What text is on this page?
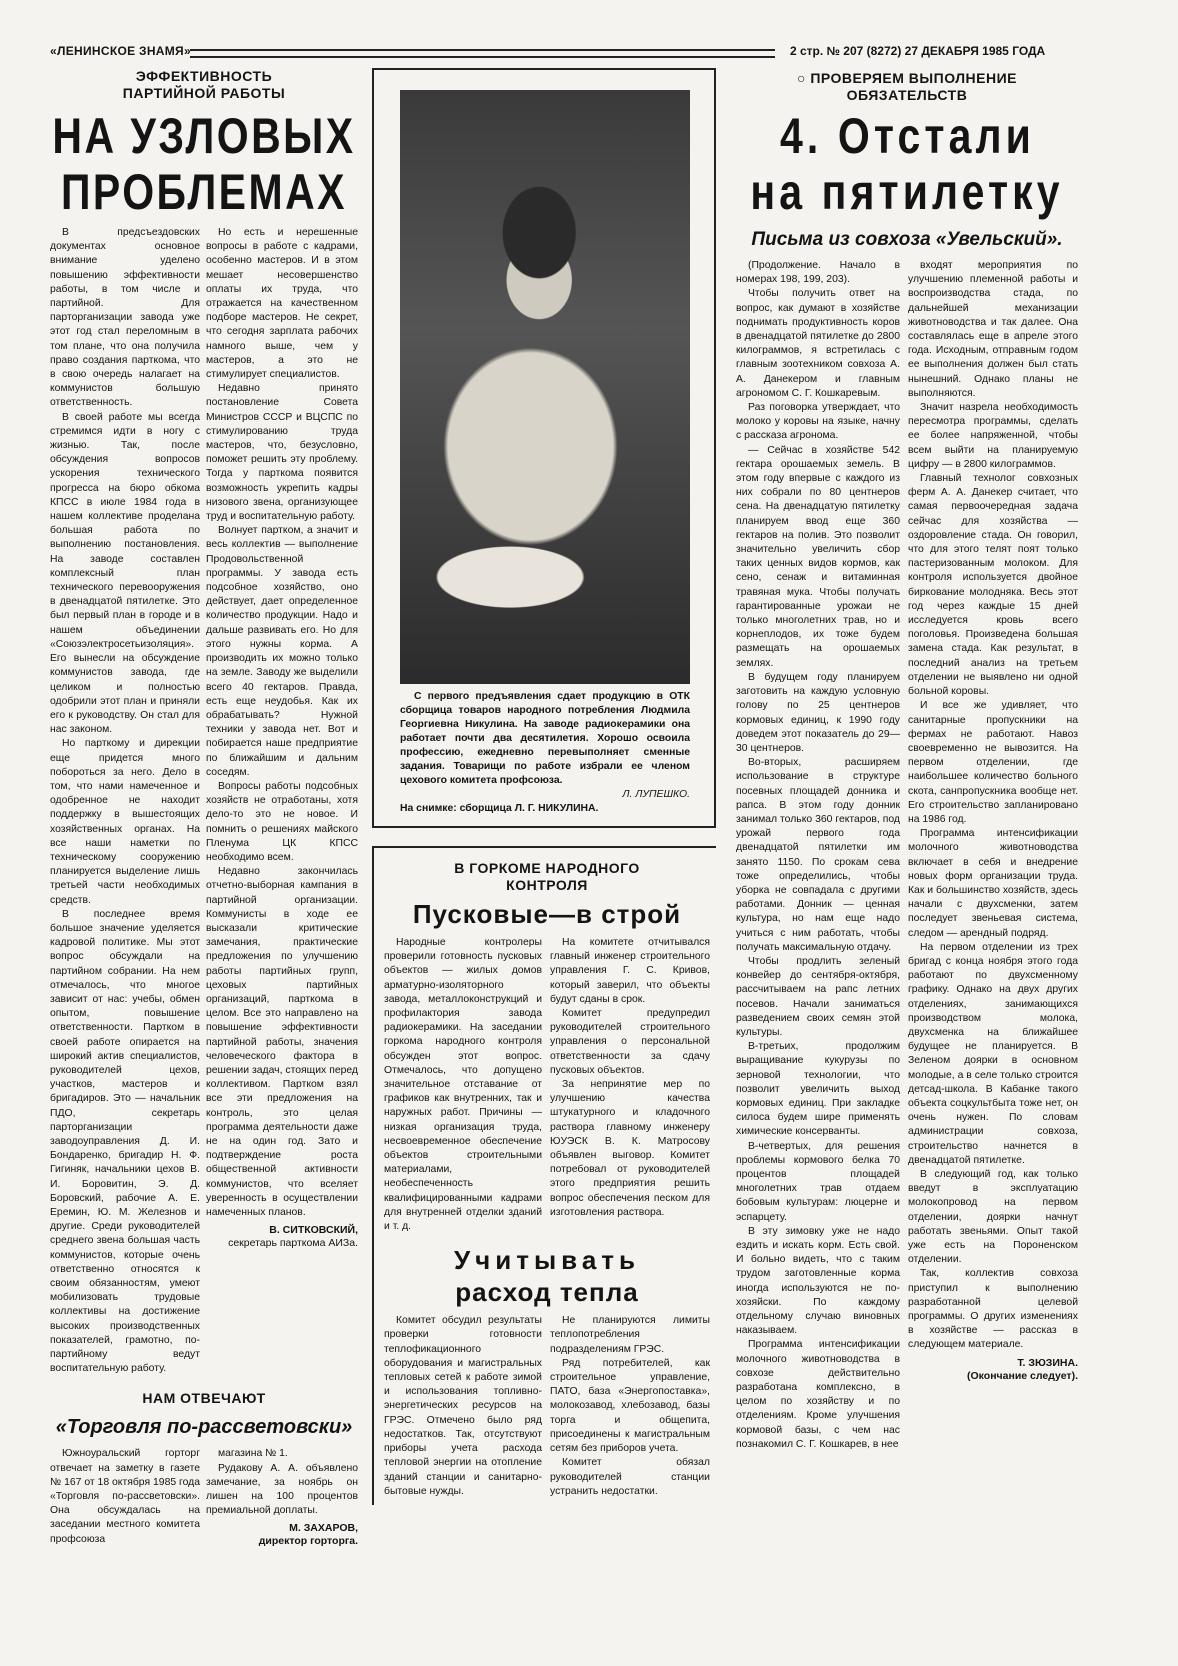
«ЛЕНИНСКОЕ ЗНАМЯ»	2 стр. № 207 (8272) 27 ДЕКАБРЯ 1985 ГОДА
ЭФФЕКТИВНОСТЬ ПАРТИЙНОЙ РАБОТЫ
НА УЗЛОВЫХ ПРОБЛЕМАХ

В предсъездовских документах основное внимание уделено повышению эффективности работы, в том числе и партийной. Для парторганизации завода уже этот год стал переломным в том плане, что она получила право создания парткома, что в свою очередь налагает на коммунистов большую ответственность.

В своей работе мы всегда стремимся идти в ногу с жизнью. Так, после обсуждения вопросов ускорения технического прогресса на бюро обкома КПСС в июле 1984 года в нашем коллективе проделана большая работа по выполнению постановления. На заводе составлен комплексный план технического перевооружения в двенадцатой пятилетке. Это был первый план в городе и в нашем объединении «Союзэлектросетьизоляция». Его вынесли на обсуждение коммунистов завода, где целиком и полностью одобрили этот план и приняли его к руководству. Он стал для нас законом.

Но парткому и дирекции еще придется много побороться за него. Дело в том, что нами намеченное и одобренное не находит поддержку в вышестоящих хозяйственных органах. На все наши наметки по техническому сооружению планируется выделение лишь третьей части необходимых средств.

В последнее время большое значение уделяется кадровой политике. Мы этот вопрос обсуждали на партийном собрании. На нем отмечалось, что многое зависит от нас: учебы, обмен опытом, повышение ответственности. Партком в своей работе опирается на широкий актив специалистов, руководителей цехов, участков, мастеров и бригадиров. Это — начальник ПДО, секретарь парторганизации заводоуправления Д. И. Бондаренко, бригадир Н. Ф. Гигиняк, начальники цехов В. И. Боровитин, Э. Д. Боровский, рабочие А. Е. Еремин, Ю. М. Железнов и другие. Среди руководителей среднего звена большая часть коммунистов, которые очень ответственно относятся к своим обязанностям, умеют мобилизовать трудовые коллективы на достижение высоких производственных показателей, грамотно, по-партийному ведут воспитательную работу.

Но есть и нерешенные вопросы в работе с кадрами, особенно мастеров. И в этом мешает несовершенство оплаты их труда, что отражается на качественном подборе мастеров. Не секрет, что сегодня зарплата рабочих намного выше, чем у мастеров, а это не стимулирует специалистов.

Недавно принято постановление Совета Министров СССР и ВЦСПС по стимулированию труда мастеров, что, безусловно, поможет решить эту проблему. Тогда у парткома появится возможность укрепить кадры низового звена, организующее труд и воспитательную работу.

Волнует партком, а значит и весь коллектив — выполнение Продовольственной программы. У завода есть подсобное хозяйство, оно действует, дает определенное количество продукции. Надо и дальше развивать его. Но для этого нужны корма. А производить их можно только на земле. Заводу же выделили всего 40 гектаров. Правда, есть еще неудобья. Как их обрабатывать? Нужной техники у завода нет. Вот и побирается наше предприятие по ближайшим и дальним соседям.

Вопросы работы подсобных хозяйств не отработаны, хотя дело-то это не новое. И помнить о решениях майского Пленума ЦК КПСС необходимо всем.

Недавно закончилась отчетно-выборная кампания в партийной организации. Коммунисты в ходе ее высказали критические замечания, практические предложения по улучшению работы партийных групп, цеховых партийных организаций, парткома в целом. Все это направлено на повышение эффективности партийной работы, значения человеческого фактора в решении задач, стоящих перед коллективом. Партком взял все эти предложения на контроль, это целая программа деятельности даже не на один год. Зато и подтверждение роста общественной активности коммунистов, что вселяет уверенность в осуществлении намеченных планов.

В. СИТКОВСКИЙ,
секретарь парткома АИЗа.
НАМ ОТВЕЧАЮТ
«Торговля по-рассветовски»

Южноуральский горторг отвечает на заметку в газете № 167 от 18 октября 1985 года «Торговля по-рассветовски». Она обсуждалась на заседании местного комитета профсоюза

магазина № 1.

Рудакову А. А. объявлено замечание, за ноябрь он лишен на 100 процентов премиальной доплаты.

М. ЗАХАРОВ,
директор горторга.

С первого предъявления сдает продукцию в ОТК сборщица товаров народного потребления Людмила Георгиевна Никулина. На заводе радиокерамики она работает почти два десятилетия. Хорошо освоила профессию, ежедневно перевыполняет сменные задания. Товарищи по работе избрали ее членом цехового комитета профсоюза.

Л. ЛУПЕШКО.
На снимке: сборщица Л. Г. НИКУЛИНА.
В ГОРКОМЕ НАРОДНОГО КОНТРОЛЯ
Пусковые—в строй

Народные контролеры проверили готовность пусковых объектов — жилых домов арматурно-изоляторного завода, металлоконструкций и профилактория завода радиокерамики. На заседании горкома народного контроля обсужден этот вопрос. Отмечалось, что допущено значительное отставание от графиков как внутренних, так и наружных работ. Причины — низкая организация труда, несвоевременное обеспечение объектов строительными материалами, необеспеченность квалифицированными кадрами для внутренней отделки зданий и т. д.

На комитете отчитывался главный инженер строительного управления Г. С. Кривов, который заверил, что объекты будут сданы в срок.

Комитет предупредил руководителей строительного управления о персональной ответственности за сдачу пусковых объектов.

За непринятие мер по улучшению качества штукатурного и кладочного раствора главному инженеру ЮУЭСК В. К. Матросову объявлен выговор. Комитет потребовал от руководителей этого предприятия решить вопрос обеспечения песком для изготовления раствора.

Учитывать
расход тепла

Комитет обсудил результаты проверки готовности теплофикационного оборудования и магистральных тепловых сетей к работе зимой и использования топливно-энергетических ресурсов на ГРЭС. Отмечено было ряд недостатков. Так, отсутствуют приборы учета расхода тепловой энергии на отопление зданий станции и санитарно-бытовые нужды.

Не планируются лимиты теплопотребления подразделениям ГРЭС.

Ряд потребителей, как строительное управление, ПАТО, база «Энергопоставка», молокозавод, хлебозавод, базы торга и общепита, присоединены к магистральным сетям без приборов учета.

Комитет обязал руководителей станции устранить недостатки.

○ ПРОВЕРЯЕМ ВЫПОЛНЕНИЕ ОБЯЗАТЕЛЬСТВ
4. Отстали
на пятилетку
Письма из совхоза «Увельский».

(Продолжение. Начало в номерах 198, 199, 203).

Чтобы получить ответ на вопрос, как думают в хозяйстве поднимать продуктивность коров в двенадцатой пятилетке до 2800 килограммов, я встретилась с главным зоотехником совхоза А. А. Данекером и главным агрономом С. Г. Кошкаревым.

Раз поговорка утверждает, что молоко у коровы на языке, начну с рассказа агронома.

— Сейчас в хозяйстве 542 гектара орошаемых земель. В этом году впервые с каждого из них собрали по 80 центнеров сена. На двенадцатую пятилетку планируем ввод еще 360 гектаров на полив. Это позволит значительно увеличить сбор таких ценных видов кормов, как сено, сенаж и витаминная травяная мука. Чтобы получать гарантированные урожаи не только многолетних трав, но и корнеплодов, их тоже будем размещать на орошаемых землях.

В будущем году планируем заготовить на каждую условную голову по 25 центнеров кормовых единиц, к 1990 году доведем этот показатель до 29—30 центнеров.

Во-вторых, расширяем использование в структуре посевных площадей донника и рапса. В этом году донник занимал только 360 гектаров, под урожай первого года двенадцатой пятилетки им занято 1150. По срокам сева тоже определились, чтобы уборка не совпадала с другими работами. Донник — ценная культура, но нам еще надо учиться с ним работать, чтобы получать максимальную отдачу.

Чтобы продлить зеленый конвейер до сентября-октября, рассчитываем на рапс летних посевов. Начали заниматься разведением своих семян этой культуры.

В-третьих, продолжим выращивание кукурузы по зерновой технологии, что позволит увеличить выход кормовых единиц. При закладке силоса будем шире применять химические консерванты.

В-четвертых, для решения проблемы кормового белка 70 процентов площадей многолетних трав отдаем бобовым культурам: люцерне и эспарцету.

В эту зимовку уже не надо ездить и искать корм. Есть свой. И больно видеть, что с таким трудом заготовленные корма иногда используются не по-хозяйски. По каждому отдельному случаю виновных наказываем.

Программа интенсификации молочного животноводства в совхозе действительно разработана комплексно, в целом по хозяйству и по отделениям. Кроме улучшения кормовой базы, с чем нас познакомил С. Г. Кошкарев, в нее

входят мероприятия по улучшению племенной работы и воспроизводства стада, по дальнейшей механизации животноводства и так далее. Она составлялась еще в апреле этого года. Исходным, отправным годом ее выполнения должен был стать нынешний. Однако планы не выполняются.

Значит назрела необходимость пересмотра программы, сделать ее более напряженной, чтобы всем выйти на планируемую цифру — в 2800 килограммов.

Главный технолог совхозных ферм А. А. Данекер считает, что самая первоочередная задача сейчас для хозяйства — оздоровление стада. Он говорил, что для этого телят поят только пастеризованным молоком. Для контроля используется двойное биркование молодняка. Весь этот год через каждые 15 дней исследуется кровь всего поголовья. Произведена большая замена стада. Как результат, в последний анализ на третьем отделении не выявлено ни одной больной коровы.

И все же удивляет, что санитарные пропускники на фермах не работают. Навоз своевременно не вывозится. На первом отделении, где наибольшее количество больного скота, санпропускника вообще нет. Его строительство запланировано на 1986 год.

Программа интенсификации молочного животноводства включает в себя и внедрение новых форм организации труда. Как и большинство хозяйств, здесь начали с двухсменки, затем последует звеньевая система, следом — арендный подряд.

На первом отделении из трех бригад с конца ноября этого года работают по двухсменному графику. Однако на двух других отделениях, занимающихся производством молока, двухсменка на ближайшее будущее не планируется. В Зеленом доярки в основном молодые, а в селе только строится детсад-школа. В Кабанке такого объекта соцкультбыта тоже нет, он очень нужен. По словам администрации совхоза, строительство начнется в двенадцатой пятилетке.

В следующий год, как только введут в эксплуатацию молокопровод на первом отделении, доярки начнут работать звеньями. Опыт такой уже есть на Пороненском отделении.

Так, коллектив совхоза приступил к выполнению разработанной целевой программы. О других изменениях в хозяйстве — рассказ в следующем материале.

Т. ЗЮЗИНА.
(Окончание следует).
